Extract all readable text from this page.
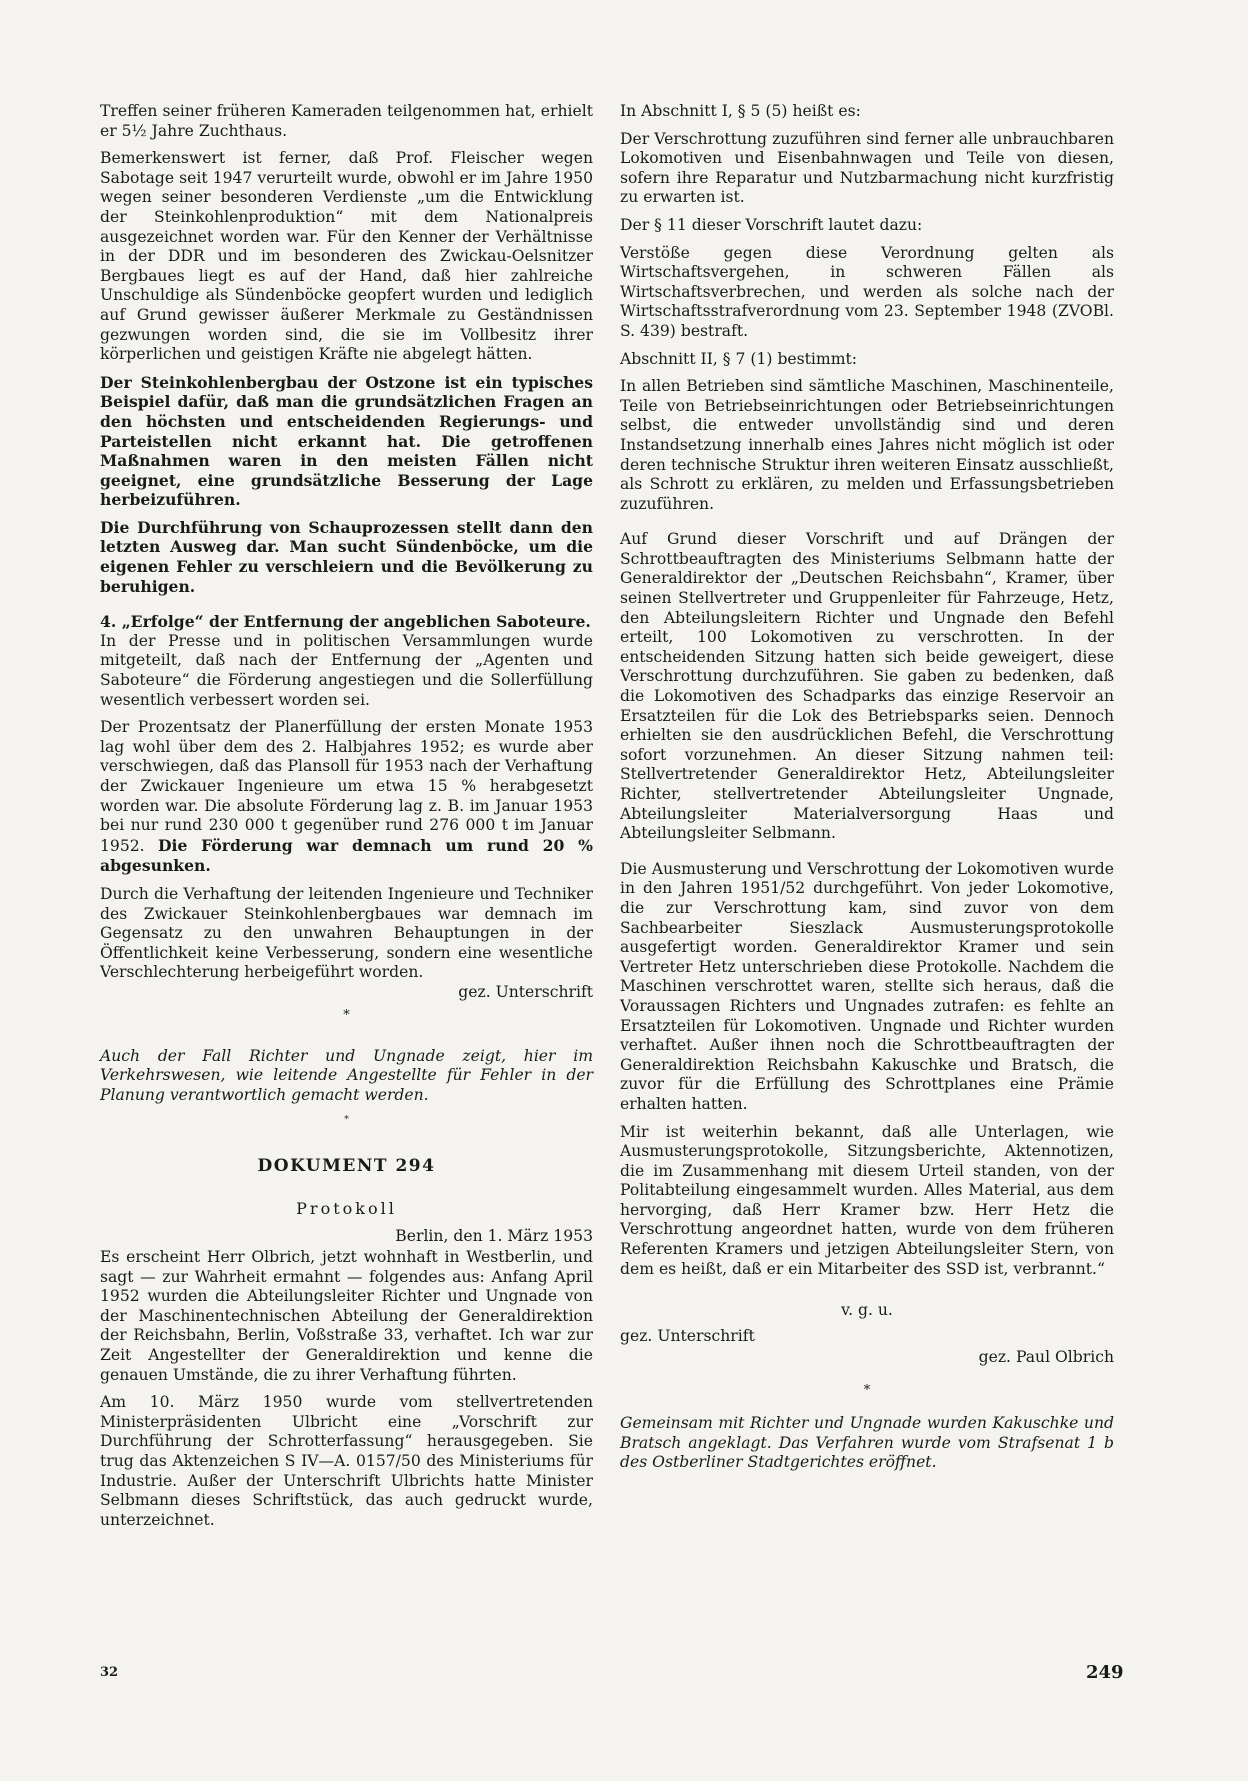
Treffen seiner früheren Kameraden teilgenommen hat, erhielt er 5½ Jahre Zuchthaus.

Bemerkenswert ist ferner, daß Prof. Fleischer wegen Sabotage seit 1947 verurteilt wurde, obwohl er im Jahre 1950 wegen seiner besonderen Verdienste „um die Entwicklung der Steinkohlenproduktion“ mit dem Nationalpreis ausgezeichnet worden war. Für den Kenner der Verhältnisse in der DDR und im besonderen des Zwickau-Oelsnitzer Bergbaues liegt es auf der Hand, daß hier zahlreiche Unschuldige als Sündenböcke geopfert wurden und lediglich auf Grund gewisser äußerer Merkmale zu Geständnissen gezwungen worden sind, die sie im Vollbesitz ihrer körperlichen und geistigen Kräfte nie abgelegt hätten.

Der Steinkohlenbergbau der Ostzone ist ein typisches Beispiel dafür, daß man die grundsätzlichen Fragen an den höchsten und entscheidenden Regierungs- und Parteistellen nicht erkannt hat. Die getroffenen Maßnahmen waren in den meisten Fällen nicht geeignet, eine grundsätzliche Besserung der Lage herbeizuführen.

Die Durchführung von Schauprozessen stellt dann den letzten Ausweg dar. Man sucht Sündenböcke, um die eigenen Fehler zu verschleiern und die Bevölkerung zu beruhigen.

4. „Erfolge“ der Entfernung der angeblichen Saboteure.

In der Presse und in politischen Versammlungen wurde mitgeteilt, daß nach der Entfernung der „Agenten und Saboteure“ die Förderung angestiegen und die Sollerfüllung wesentlich verbessert worden sei.

Der Prozentsatz der Planerfüllung der ersten Monate 1953 lag wohl über dem des 2. Halbjahres 1952; es wurde aber verschwiegen, daß das Plansoll für 1953 nach der Verhaftung der Zwickauer Ingenieure um etwa 15 % herabgesetzt worden war. Die absolute Förderung lag z. B. im Januar 1953 bei nur rund 230 000 t gegenüber rund 276 000 t im Januar 1952. Die Förderung war demnach um rund 20 % abgesunken.

Durch die Verhaftung der leitenden Ingenieure und Techniker des Zwickauer Steinkohlenbergbaues war demnach im Gegensatz zu den unwahren Behauptungen in der Öffentlichkeit keine Verbesserung, sondern eine wesentliche Verschlechterung herbeigeführt worden.

gez. Unterschrift

*

Auch der Fall Richter und Ungnade zeigt, hier im Verkehrswesen, wie leitende Angestellte für Fehler in der Planung verantwortlich gemacht werden.

*

DOKUMENT 294

Protokoll

Berlin, den 1. März 1953

Es erscheint Herr Olbrich, jetzt wohnhaft in Westberlin, und sagt — zur Wahrheit ermahnt — folgendes aus: Anfang April 1952 wurden die Abteilungsleiter Richter und Ungnade von der Maschinentechnischen Abteilung der Generaldirektion der Reichsbahn, Berlin, Voßstraße 33, verhaftet. Ich war zur Zeit Angestellter der Generaldirektion und kenne die genauen Umstände, die zu ihrer Verhaftung führten.

Am 10. März 1950 wurde vom stellvertretenden Ministerpräsidenten Ulbricht eine „Vorschrift zur Durchführung der Schrotterfassung“ herausgegeben. Sie trug das Aktenzeichen S IV—A. 0157/50 des Ministeriums für Industrie. Außer der Unterschrift Ulbrichts hatte Minister Selbmann dieses Schriftstück, das auch gedruckt wurde, unterzeichnet.

In Abschnitt I, § 5 (5) heißt es:

Der Verschrottung zuzuführen sind ferner alle unbrauchbaren Lokomotiven und Eisenbahnwagen und Teile von diesen, sofern ihre Reparatur und Nutzbarmachung nicht kurzfristig zu erwarten ist.

Der § 11 dieser Vorschrift lautet dazu:

Verstöße gegen diese Verordnung gelten als Wirtschaftsvergehen, in schweren Fällen als Wirtschaftsverbrechen, und werden als solche nach der Wirtschaftsstrafverordnung vom 23. September 1948 (ZVOBl. S. 439) bestraft.

Abschnitt II, § 7 (1) bestimmt:

In allen Betrieben sind sämtliche Maschinen, Maschinenteile, Teile von Betriebseinrichtungen oder Betriebseinrichtungen selbst, die entweder unvollständig sind und deren Instandsetzung innerhalb eines Jahres nicht möglich ist oder deren technische Struktur ihren weiteren Einsatz ausschließt, als Schrott zu erklären, zu melden und Erfassungsbetrieben zuzuführen.

Auf Grund dieser Vorschrift und auf Drängen der Schrottbeauftragten des Ministeriums Selbmann hatte der Generaldirektor der „Deutschen Reichsbahn“, Kramer, über seinen Stellvertreter und Gruppenleiter für Fahrzeuge, Hetz, den Abteilungsleitern Richter und Ungnade den Befehl erteilt, 100 Lokomotiven zu verschrotten. In der entscheidenden Sitzung hatten sich beide geweigert, diese Verschrottung durchzuführen. Sie gaben zu bedenken, daß die Lokomotiven des Schadparks das einzige Reservoir an Ersatzteilen für die Lok des Betriebsparks seien. Dennoch erhielten sie den ausdrücklichen Befehl, die Verschrottung sofort vorzunehmen. An dieser Sitzung nahmen teil: Stellvertretender Generaldirektor Hetz, Abteilungsleiter Richter, stellvertretender Abteilungsleiter Ungnade, Abteilungsleiter Materialversorgung Haas und Abteilungsleiter Selbmann.

Die Ausmusterung und Verschrottung der Lokomotiven wurde in den Jahren 1951/52 durchgeführt. Von jeder Lokomotive, die zur Verschrottung kam, sind zuvor von dem Sachbearbeiter Sieszlack Ausmusterungsprotokolle ausgefertigt worden. Generaldirektor Kramer und sein Vertreter Hetz unterschrieben diese Protokolle. Nachdem die Maschinen verschrottet waren, stellte sich heraus, daß die Voraussagen Richters und Ungnades zutrafen: es fehlte an Ersatzteilen für Lokomotiven. Ungnade und Richter wurden verhaftet. Außer ihnen noch die Schrottbeauftragten der Generaldirektion Reichsbahn Kakuschke und Bratsch, die zuvor für die Erfüllung des Schrottplanes eine Prämie erhalten hatten.

Mir ist weiterhin bekannt, daß alle Unterlagen, wie Ausmusterungsprotokolle, Sitzungsberichte, Aktennotizen, die im Zusammenhang mit diesem Urteil standen, von der Politabteilung eingesammelt wurden. Alles Material, aus dem hervorging, daß Herr Kramer bzw. Herr Hetz die Verschrottung angeordnet hatten, wurde von dem früheren Referenten Kramers und jetzigen Abteilungsleiter Stern, von dem es heißt, daß er ein Mitarbeiter des SSD ist, verbrannt.“

v. g. u.

gez. Unterschrift

gez. Paul Olbrich

*

Gemeinsam mit Richter und Ungnade wurden Kakuschke und Bratsch angeklagt. Das Verfahren wurde vom Strafsenat 1 b des Ostberliner Stadtgerichtes eröffnet.

32	249
